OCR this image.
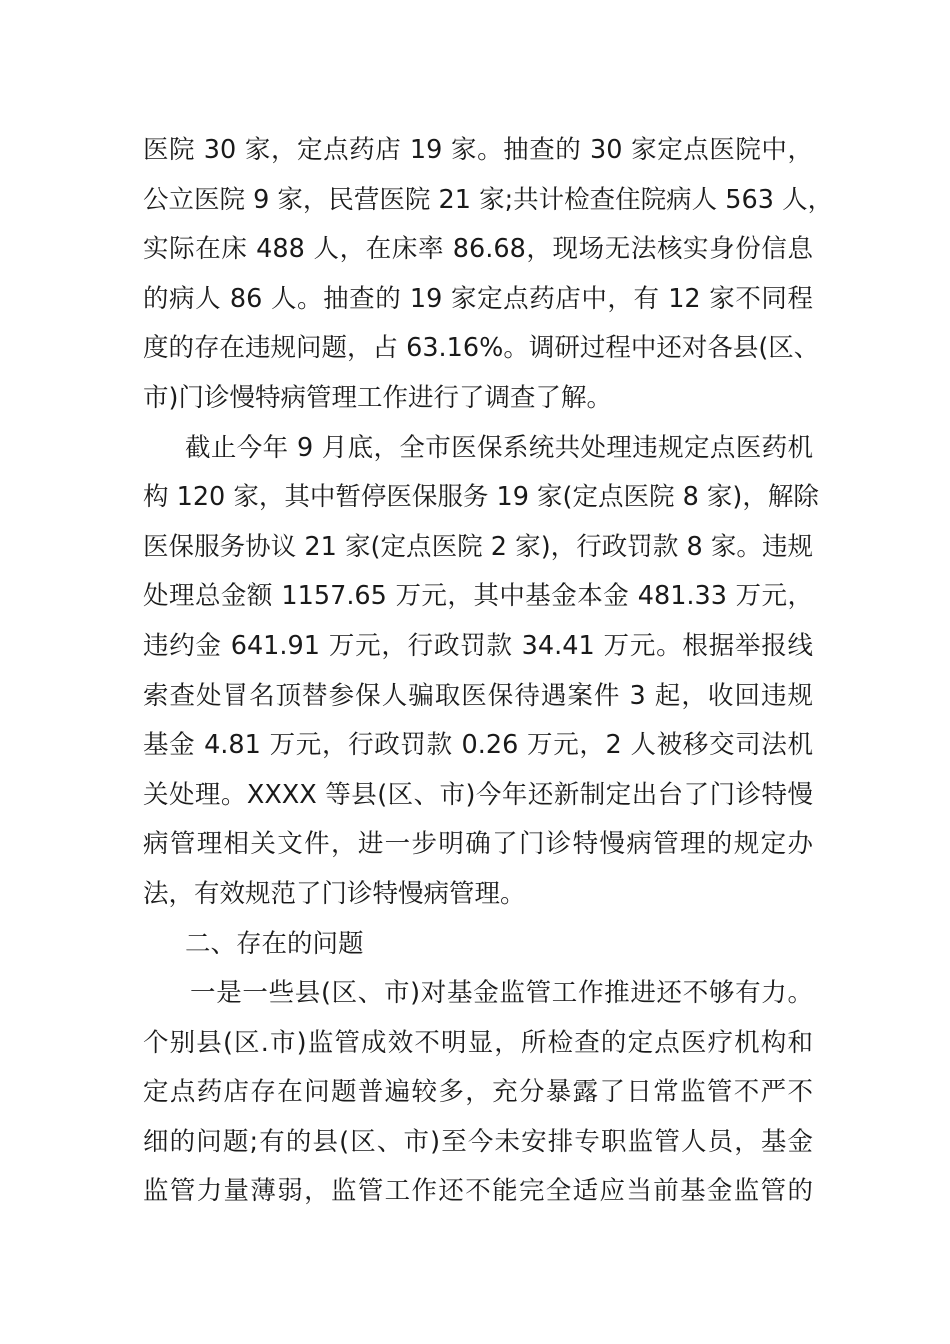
医院 30 家，定点药店 19 家。抽查的 30 家定点医院中，
公立医院 9 家，民营医院 21 家;共计检查住院病人 563 人，
实际在床 488 人，在床率 86.68，现场无法核实身份信息
的病人 86 人。抽查的 19 家定点药店中，有 12 家不同程
度的存在违规问题，占 63.16%。调研过程中还对各县(区、
市)门诊慢特病管理工作进行了调查了解。
截止今年 9 月底，全市医保系统共处理违规定点医药机
构 120 家，其中暂停医保服务 19 家(定点医院 8 家)，解除
医保服务协议 21 家(定点医院 2 家)，行政罚款 8 家。违规
处理总金额 1157.65 万元，其中基金本金 481.33 万元，
违约金 641.91 万元，行政罚款 34.41 万元。根据举报线
索查处冒名顶替参保人骗取医保待遇案件 3 起，收回违规
基金 4.81 万元，行政罚款 0.26 万元，2 人被移交司法机
关处理。XXXX 等县(区、市)今年还新制定出台了门诊特慢
病管理相关文件，进一步明确了门诊特慢病管理的规定办
法，有效规范了门诊特慢病管理。
二、存在的问题
一是一些县(区、市)对基金监管工作推进还不够有力。
个别县(区.市)监管成效不明显，所检查的定点医疗机构和
定点药店存在问题普遍较多，充分暴露了日常监管不严不
细的问题;有的县(区、市)至今未安排专职监管人员，基金
监管力量薄弱，监管工作还不能完全适应当前基金监管的
